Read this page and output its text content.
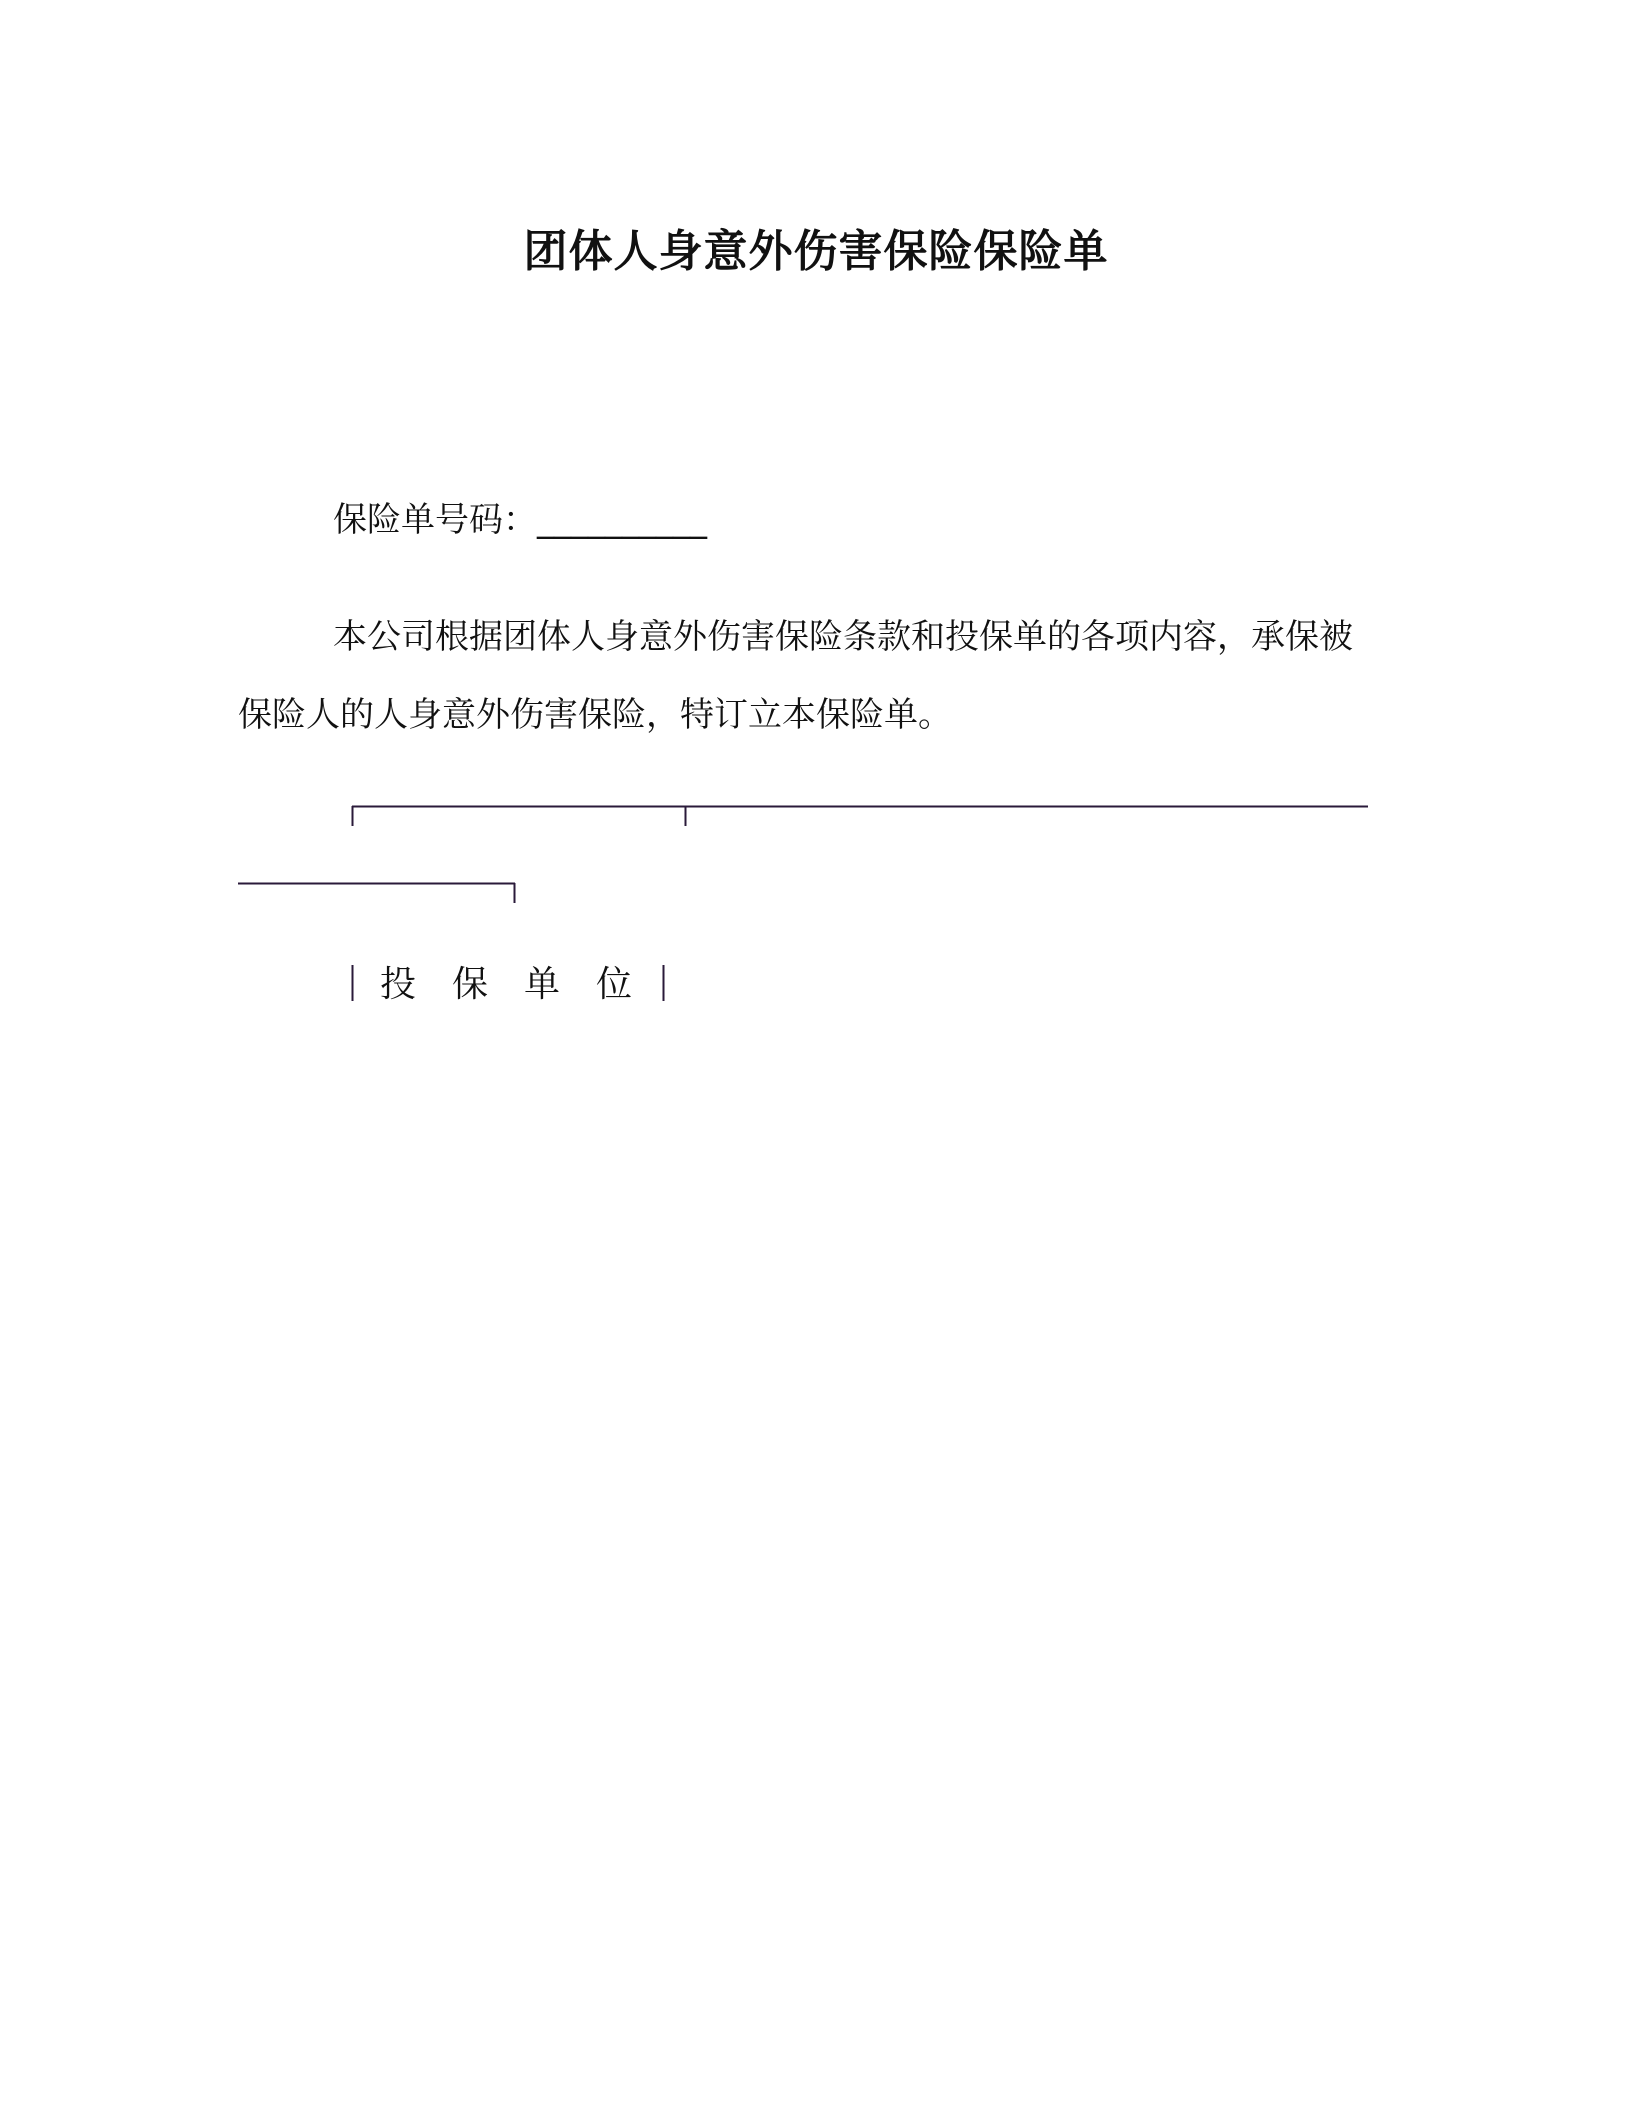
团体人身意外伤害保险保险单
保险单号码：__________

本公司根据团体人身意外伤害保险条款和投保单的各项内容，承保被保险人的人身意外伤害保险，特订立本保险单。

投保单位
